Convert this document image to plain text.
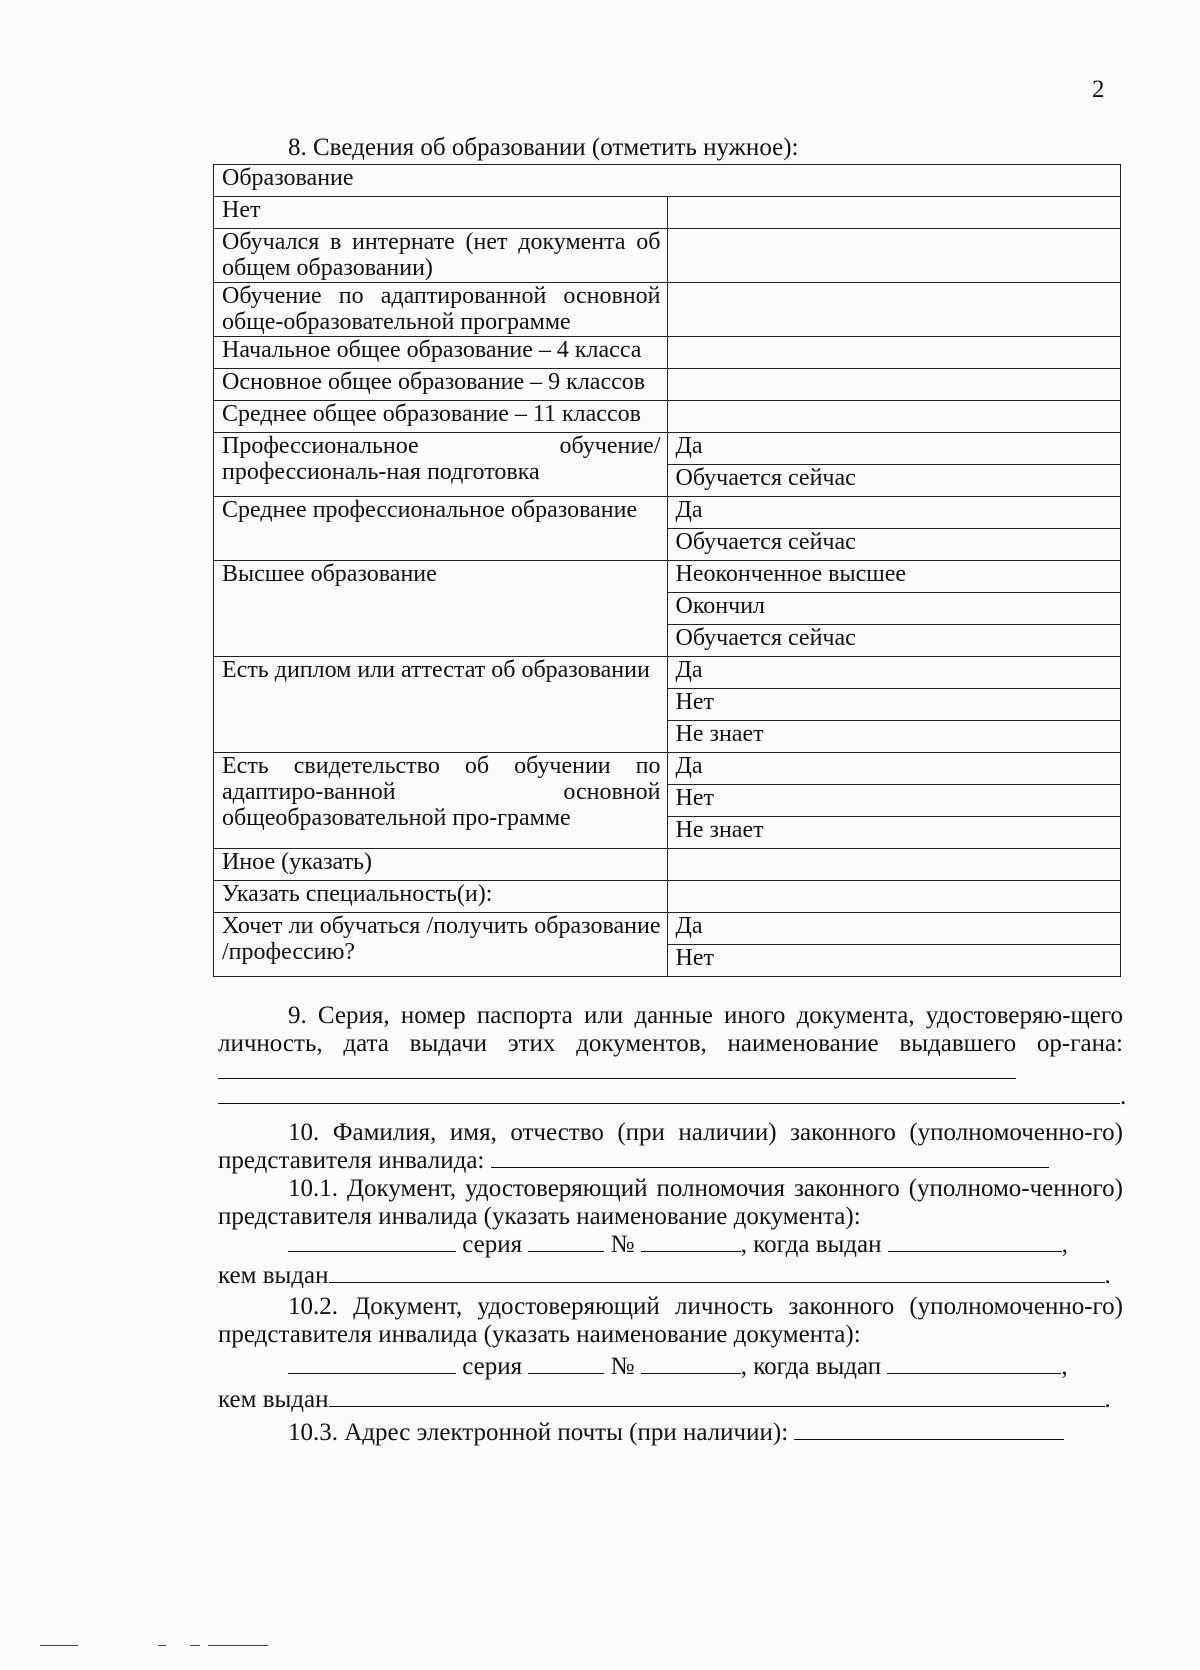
2
8. Сведения об образовании (отметить нужное):
Образование	
Нет	
Обучался в интернате (нет документа об общем образовании)	
Обучение по адаптированной основной обще-образовательной программе	
Начальное общее образование – 4 класса	
Основное общее образование – 9 классов	
Среднее общее образование – 11 классов	
Профессиональное обучение/профессиональ-ная подготовка	Да
	Обучается сейчас
Среднее профессиональное образование	Да
	Обучается сейчас
Высшее образование	Неоконченное высшее
	Окончил
	Обучается сейчас
Есть диплом или аттестат об образовании	Да
	Нет
	Не знает
Есть свидетельство об обучении по адаптиро-ванной основной общеобразовательной про-грамме	Да
	Нет
	Не знает
Иное (указать)	
Указать специальность(и):	
Хочет ли обучаться /получить образование /профессию?	Да
	Нет
9. Серия, номер паспорта или данные иного документа, удостоверяю-щего личность, дата выдачи этих документов, наименование выдавшего ор-гана:
.
10. Фамилия, имя, отчество (при наличии) законного (уполномоченно-го) представителя инвалида:
10.1. Документ, удостоверяющий полномочия законного (уполномо-ченного) представителя инвалида (указать наименование документа):
серия	№	, когда выдан	,
кем выдан	.
10.2. Документ, удостоверяющий личность законного (уполномоченно-го) представителя инвалида (указать наименование документа):
серия	№	, когда выдап	,
кем выдан	.
10.3. Адрес электронной почты (при наличии):
